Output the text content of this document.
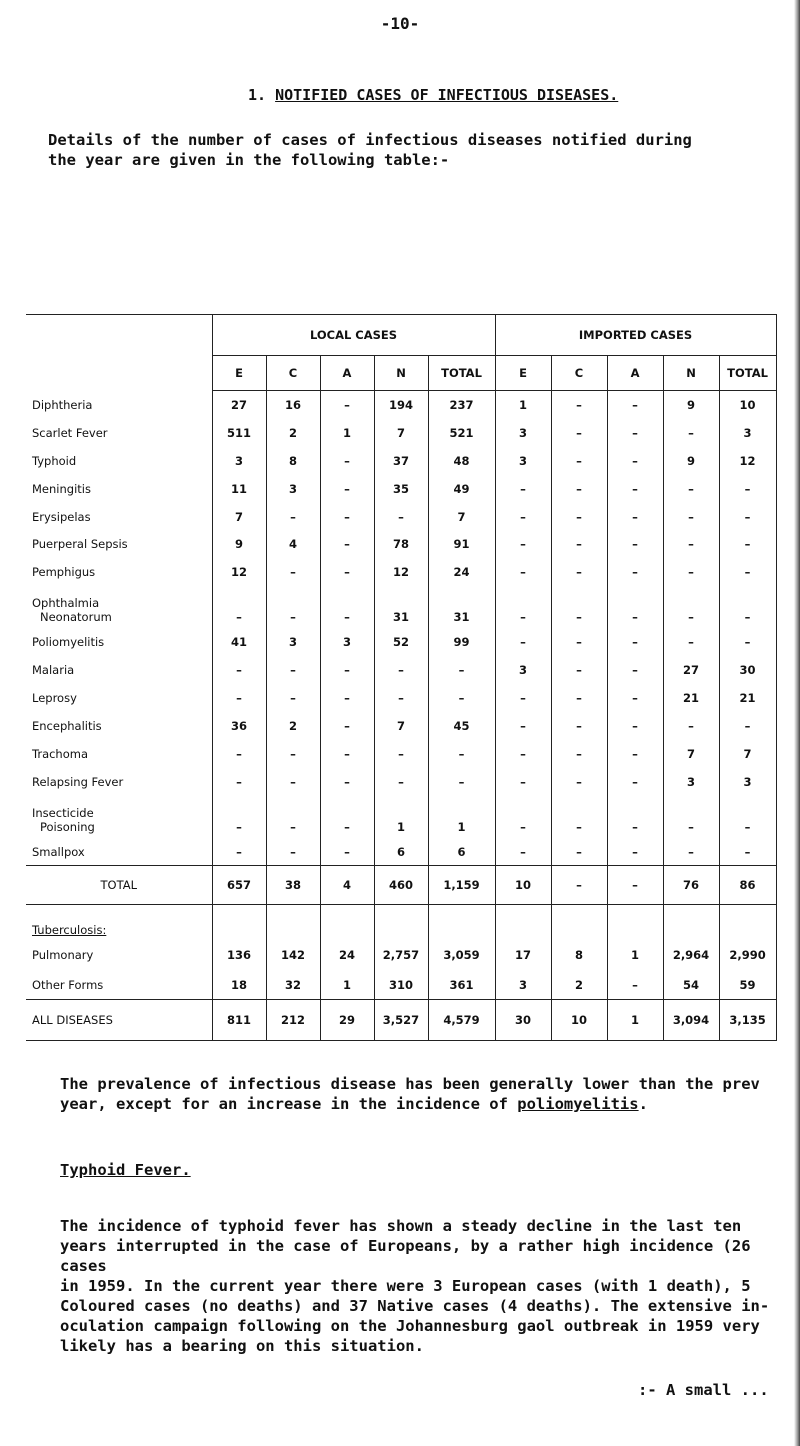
-10-
1. NOTIFIED CASES OF INFECTIOUS DISEASES.
Details of the number of cases of infectious diseases notified during
the year are given in the following table:-
	LOCAL CASES					IMPORTED CASES				
	E	C	A	N	TOTAL	E	C	A	N	TOTAL
Diphtheria	27	16	–	194	237	1	–	–	9	10
Scarlet Fever	511	2	1	7	521	3	–	–	–	3
Typhoid	3	8	–	37	48	3	–	–	9	12
Meningitis	11	3	–	35	49	–	–	–	–	–
Erysipelas	7	–	–	–	7	–	–	–	–	–
Puerperal Sepsis	9	4	–	78	91	–	–	–	–	–
Pemphigus	12	–	–	12	24	–	–	–	–	–

Ophthalmia
Neonatorum	–	–	–	31	31	–	–	–	–	–
Poliomyelitis	41	3	3	52	99	–	–	–	–	–
Malaria	–	–	–	–	–	3	–	–	27	30
Leprosy	–	–	–	–	–	–	–	–	21	21
Encephalitis	36	2	–	7	45	–	–	–	–	–
Trachoma	–	–	–	–	–	–	–	–	7	7
Relapsing Fever	–	–	–	–	–	–	–	–	3	3

Insecticide
Poisoning	–	–	–	1	1	–	–	–	–	–
Smallpox	–	–	–	6	6	–	–	–	–	–
TOTAL	657	38	4	460	1,159	10	–	–	76	86
Tuberculosis:										
Pulmonary	136	142	24	2,757	3,059	17	8	1	2,964	2,990
Other Forms	18	32	1	310	361	3	2	–	54	59
ALL DISEASES	811	212	29	3,527	4,579	30	10	1	3,094	3,135
The prevalence of infectious disease has been generally lower than the prev
year, except for an increase in the incidence of poliomyelitis.
Typhoid Fever.
The incidence of typhoid fever has shown a steady decline in the last ten
years interrupted in the case of Europeans, by a rather high incidence (26 cases
in 1959. In the current year there were 3 European cases (with 1 death), 5
Coloured cases (no deaths) and 37 Native cases (4 deaths). The extensive in-
oculation campaign following on the Johannesburg gaol outbreak in 1959 very
likely has a bearing on this situation.
:- A small ...
